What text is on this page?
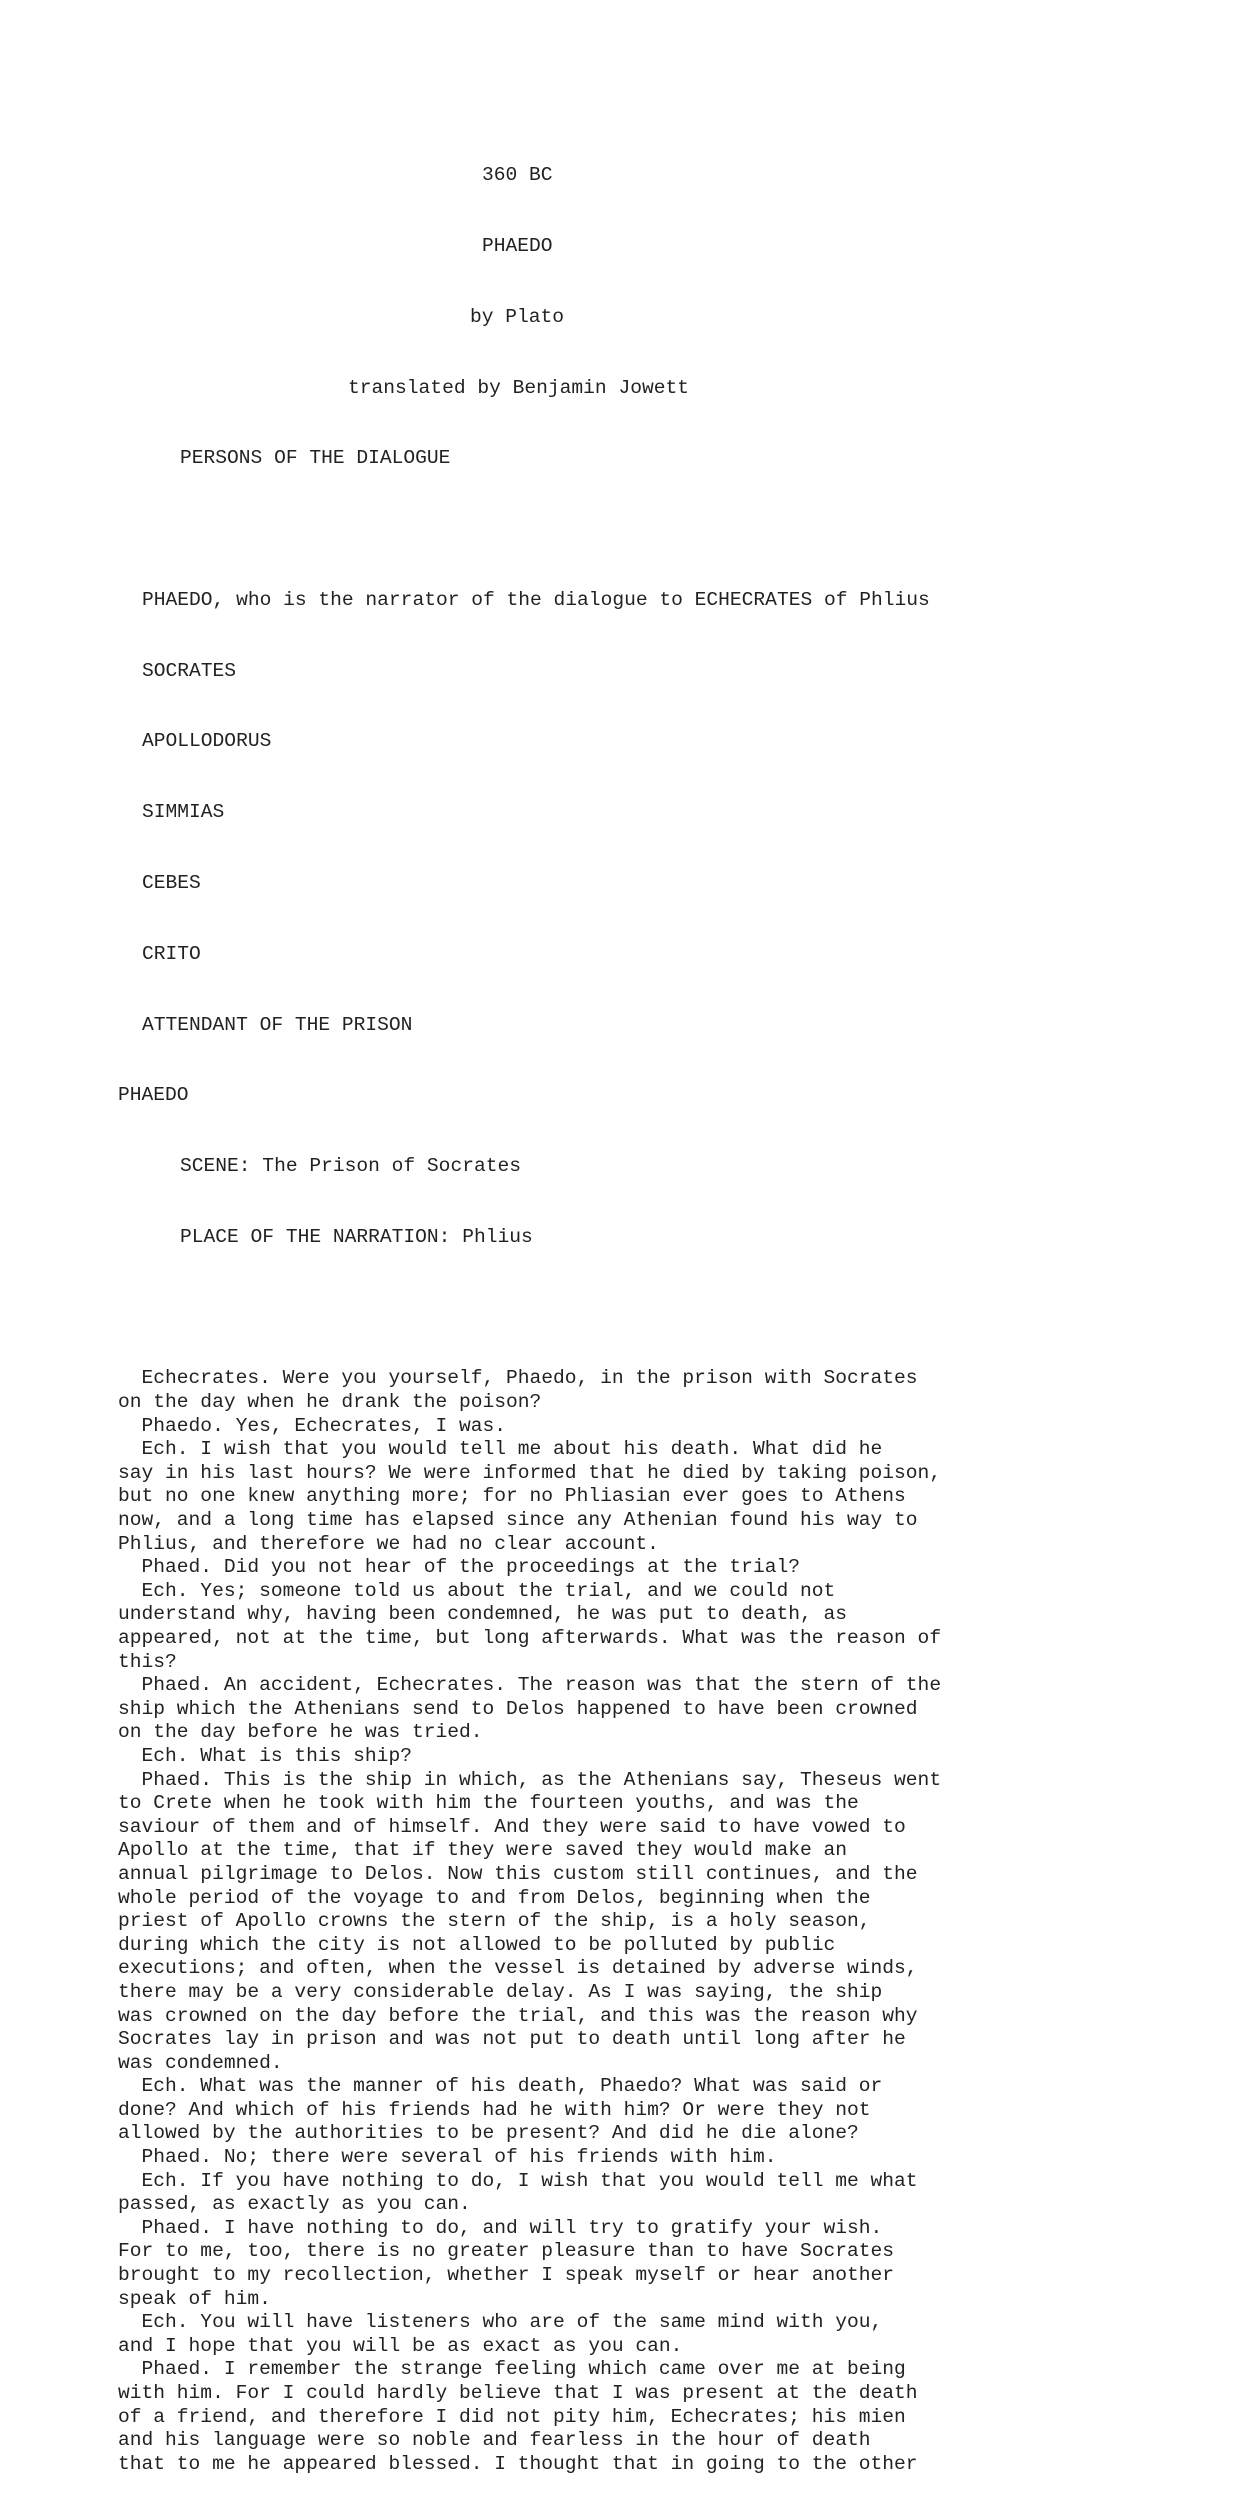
360 BC

PHAEDO

by Plato

translated by Benjamin Jowett

PERSONS OF THE DIALOGUE

PHAEDO, who is the narrator of the dialogue to ECHECRATES of Phlius

SOCRATES

APOLLODORUS

SIMMIAS

CEBES

CRITO

ATTENDANT OF THE PRISON

PHAEDO

SCENE: The Prison of Socrates

PLACE OF THE NARRATION: Phlius

Echecrates. Were you yourself, Phaedo, in the prison with Socrates
on the day when he drank the poison?
Phaedo. Yes, Echecrates, I was.
Ech. I wish that you would tell me about his death. What did he
say in his last hours? We were informed that he died by taking poison,
but no one knew anything more; for no Phliasian ever goes to Athens
now, and a long time has elapsed since any Athenian found his way to
Phlius, and therefore we had no clear account.
Phaed. Did you not hear of the proceedings at the trial?
Ech. Yes; someone told us about the trial, and we could not
understand why, having been condemned, he was put to death, as
appeared, not at the time, but long afterwards. What was the reason of
this?
Phaed. An accident, Echecrates. The reason was that the stern of the
ship which the Athenians send to Delos happened to have been crowned
on the day before he was tried.
Ech. What is this ship?
Phaed. This is the ship in which, as the Athenians say, Theseus went
to Crete when he took with him the fourteen youths, and was the
saviour of them and of himself. And they were said to have vowed to
Apollo at the time, that if they were saved they would make an
annual pilgrimage to Delos. Now this custom still continues, and the
whole period of the voyage to and from Delos, beginning when the
priest of Apollo crowns the stern of the ship, is a holy season,
during which the city is not allowed to be polluted by public
executions; and often, when the vessel is detained by adverse winds,
there may be a very considerable delay. As I was saying, the ship
was crowned on the day before the trial, and this was the reason why
Socrates lay in prison and was not put to death until long after he
was condemned.
Ech. What was the manner of his death, Phaedo? What was said or
done? And which of his friends had he with him? Or were they not
allowed by the authorities to be present? And did he die alone?
Phaed. No; there were several of his friends with him.
Ech. If you have nothing to do, I wish that you would tell me what
passed, as exactly as you can.
Phaed. I have nothing to do, and will try to gratify your wish.
For to me, too, there is no greater pleasure than to have Socrates
brought to my recollection, whether I speak myself or hear another
speak of him.
Ech. You will have listeners who are of the same mind with you,
and I hope that you will be as exact as you can.
Phaed. I remember the strange feeling which came over me at being
with him. For I could hardly believe that I was present at the death
of a friend, and therefore I did not pity him, Echecrates; his mien
and his language were so noble and fearless in the hour of death
that to me he appeared blessed. I thought that in going to the other
